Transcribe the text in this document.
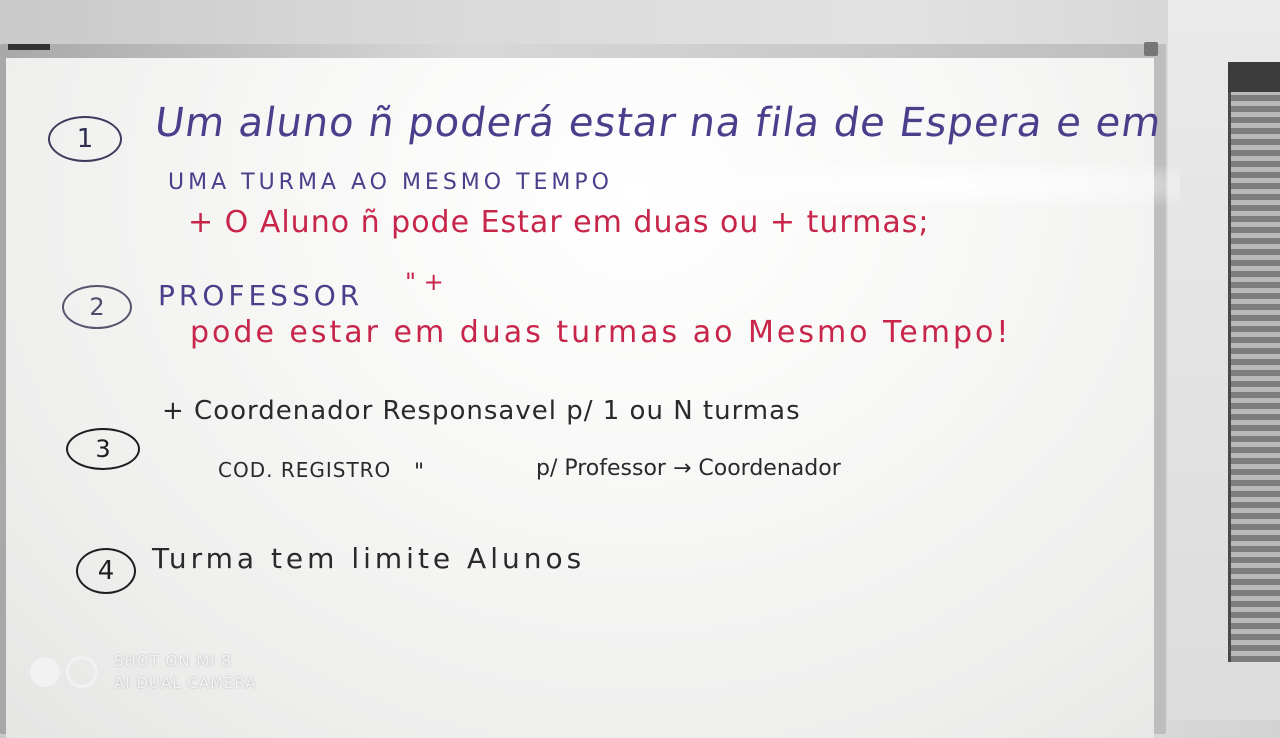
1 Um aluno ñ poderá estar na fila de Espera e em

UMA TURMA AO MESMO TEMPO

+ O Aluno ñ pode Estar em duas ou + turmas;

2 PROFESSOR " +

pode estar em duas turmas ao Mesmo Tempo!

3

+ Coordenador Responsavel p/ 1 ou N turmas

COD. REGISTRO "	p/ Professor → Coordenador

4 Turma tem limite Alunos

SHOT ON MI 8
AI DUAL CAMERA
